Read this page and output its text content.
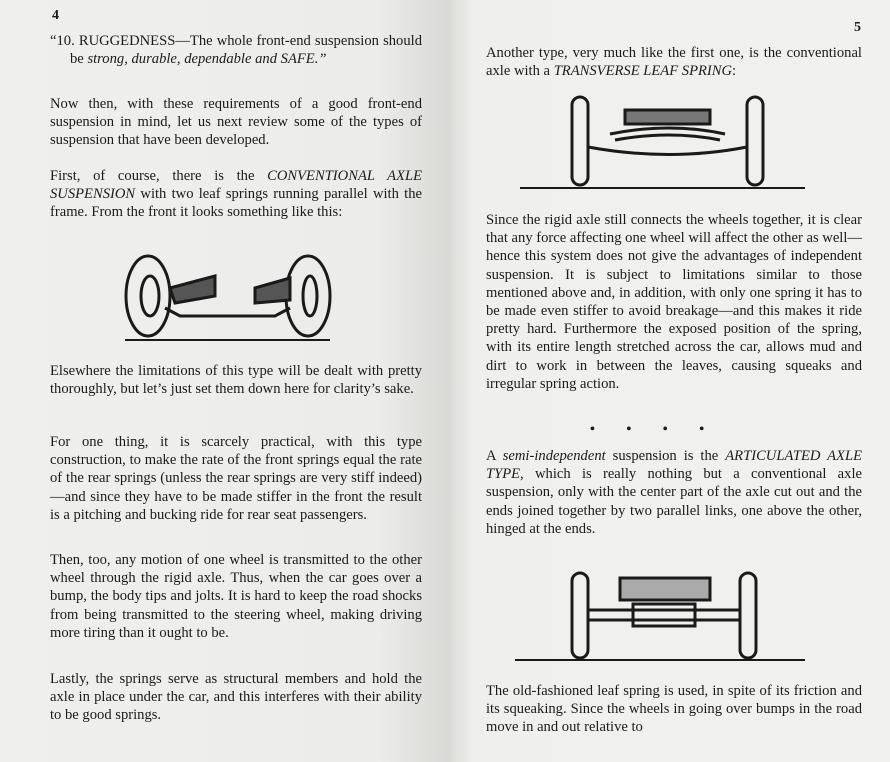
4
“10. RUGGEDNESS—The whole front-end suspension should be strong, durable, dependable and SAFE.”
Now then, with these requirements of a good front-end suspension in mind, let us next review some of the types of suspension that have been developed.
First, of course, there is the CONVENTIONAL AXLE SUSPENSION with two leaf springs running parallel with the frame. From the front it looks something like this:
Elsewhere the limitations of this type will be dealt with pretty thoroughly, but let’s just set them down here for clarity’s sake.
For one thing, it is scarcely practical, with this type construction, to make the rate of the front springs equal the rate of the rear springs (unless the rear springs are very stiff indeed)—and since they have to be made stiffer in the front the result is a pitching and bucking ride for rear seat passengers.
Then, too, any motion of one wheel is transmitted to the other wheel through the rigid axle. Thus, when the car goes over a bump, the body tips and jolts. It is hard to keep the road shocks from being transmitted to the steering wheel, making driving more tiring than it ought to be.
Lastly, the springs serve as structural members and hold the axle in place under the car, and this interferes with their ability to be good springs.
5
Another type, very much like the first one, is the conventional axle with a TRANSVERSE LEAF SPRING:
Since the rigid axle still connects the wheels together, it is clear that any force affecting one wheel will affect the other as well—hence this system does not give the advantages of independent suspension. It is subject to limitations similar to those mentioned above and, in addition, with only one spring it has to be made even stiffer to avoid breakage—and this makes it ride pretty hard. Furthermore the exposed position of the spring, with its entire length stretched across the car, allows mud and dirt to work in between the leaves, causing squeaks and irregular spring action.
• • • •
A semi-independent suspension is the ARTICULATED AXLE TYPE, which is really nothing but a conventional axle suspension, only with the center part of the axle cut out and the ends joined together by two parallel links, one above the other, hinged at the ends.
The old-fashioned leaf spring is used, in spite of its friction and its squeaking. Since the wheels in going over bumps in the road move in and out relative to
